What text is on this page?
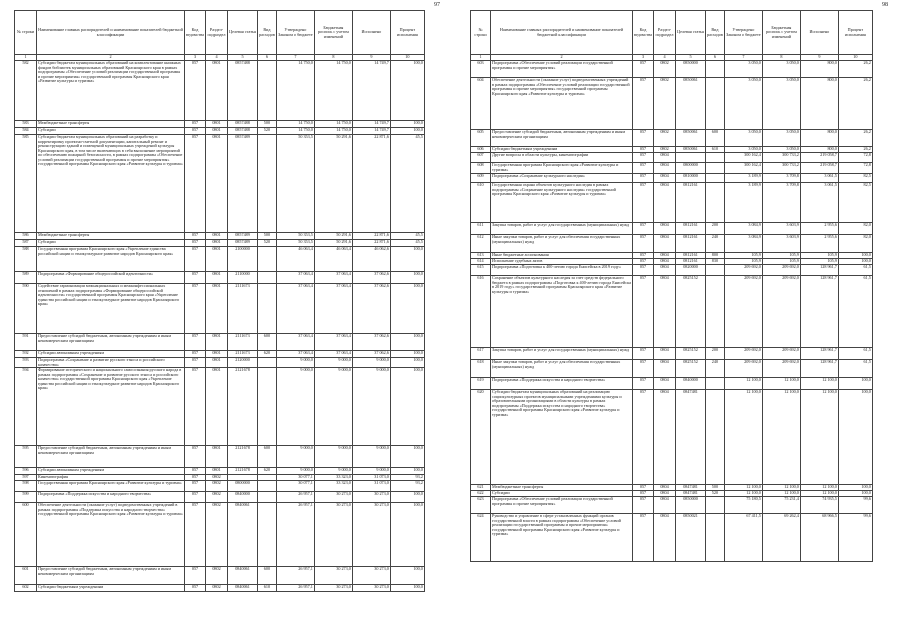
97
№ строки	Наименование главных распорядителей и наименование показателей бюджетной классификации	Код ведомства	Раздел-подраздел	Целевая статья	Вид расходов	Утверждено Законом о бюджете	Бюджетная роспись с учетом изменений	Исполнено	Процент исполнения
1	2	3	4	5	6	7	8	9	10
582	Субсидии бюджетам муниципальных образований на комплектование книжных фондов библиотек муниципальных образований Красноярского края в рамках подпрограммы «Обеспечение условий реализации государственной программы и прочие мероприятия» государственной программы Красноярского края «Развитие культуры и туризма»	057	0801	0857488		14 750,0	14 750,0	14 749,7	100,0
583	Межбюджетные трансферты	057	0801	0857488	500	14 750,0	14 750,0	14 749,7	100,0
584	Субсидии	057	0801	0857488	520	14 750,0	14 750,0	14 749,7	100,0
585	Субсидии бюджетам муниципальных образований на разработку и корректировку проектно-сметной документации, капитальный ремонт и реконструкцию зданий и помещений муниципальных учреждений культуры Красноярского края, в том числе включающих в себя выполнение мероприятий по обеспечению пожарной безопасности, в рамках подпрограммы «Обеспечение условий реализации государственной программы и прочие мероприятия» государственной программы Красноярского края «Развитие культуры и туризма»	057	0801	0857489		50 353,5	50 291,6	22 871,6	45,5
586	Межбюджетные трансферты	057	0801	0857489	500	50 353,5	50 291,6	22 871,6	45,5
587	Субсидии	057	0801	0857489	520	50 353,5	50 291,6	22 871,6	45,5
588	Государственная программа Красноярского края «Укрепление единства российской нации и этнокультурное развитие народов Красноярского края»	057	0801	2100000		46 063,4	46 063,4	46 062,6	100,0
589	Подпрограмма «Формирование общероссийской идентичности»	057	0801	2110000		37 063,4	37 063,4	37 062,6	100,0
590	Содействие гармонизации межнациональных и межконфессиональных отношений в рамках подпрограммы «Формирование общероссийской идентичности» государственной программы Красноярского края «Укрепление единства российской нации и этнокультурное развитие народов Красноярского края»	057	0801	2111673		37 063,4	37 063,4	37 062,6	100,0
591	Предоставление субсидий бюджетным, автономным учреждениям и иным некоммерческим организациям	057	0801	2111673	600	37 063,4	37 063,4	37 062,6	100,0
592	Субсидии автономным учреждениям	057	0801	2111673	620	37 063,4	37 063,4	37 062,6	100,0
593	Подпрограмма «Сохранение и развитие русского этноса и российского казачества»	057	0801	2120000		9 000,0	9 000,0	9 000,0	100,0
594	Формирование исторического и национального самосознания русского народа в рамках подпрограммы «Сохранение и развитие русского этноса и российского казачества» государственной программы Красноярского края «Укрепление единства российской нации и этнокультурное развитие народов Красноярского края»	057	0801	2121678		9 000,0	9 000,0	9 000,0	100,0
595	Предоставление субсидий бюджетным, автономным учреждениям и иным некоммерческим организациям	057	0801	2121678	600	9 000,0	9 000,0	9 000,0	100,0
596	Субсидии автономным учреждениям	057	0801	2121678	620	9 000,0	9 000,0	9 000,0	100,0
597	Кинематография	057	0802			30 077,1	33 323,0	31 073,0	93,2
598	Государственная программа Красноярского края «Развитие культуры и туризма»	057	0802	0800000		30 077,1	33 323,0	31 073,0	93,2
599	Подпрограмма «Поддержка искусства и народного творчества»	057	0802	0840000		26 957,1	30 273,0	30 273,0	100,0
600	Обеспечение деятельности (оказание услуг) подведомственных учреждений в рамках подпрограммы «Поддержка искусства и народного творчества» государственной программы Красноярского края «Развитие культуры и туризма»	057	0802	0840061		26 957,1	30 273,0	30 273,0	100,0
601	Предоставление субсидий бюджетным, автономным учреждениям и иным некоммерческим организациям	057	0802	0840061	600	26 957,1	30 273,0	30 273,0	100,0
602	Субсидии бюджетным учреждениям	057	0802	0840061	610	26 957,1	30 273,0	30 273,0	100,0
98
№ строки	Наименование главных распорядителей и наименование показателей бюджетной классификации	Код ведомства	Раздел-подраздел	Целевая статья	Вид расходов	Утверждено Законом о бюджете	Бюджетная роспись с учетом изменений	Исполнено	Процент исполнения
1	2	3	4	5	6	7	8	9	10
603	Подпрограмма «Обеспечение условий реализации государственной программы и прочие мероприятия»	057	0802	0850000		3 050,0	3 050,0	800,0	26,2
604	Обеспечение деятельности (оказание услуг) подведомственных учреждений в рамках подпрограммы «Обеспечение условий реализации государственной программы и прочие мероприятия» государственной программы Красноярского края «Развитие культуры и туризма»	057	0802	0850061		3 050,0	3 050,0	800,0	26,2
605	Предоставление субсидий бюджетным, автономным учреждениям и иным некоммерческим организациям	057	0802	0850061	600	3 050,0	3 050,0	800,0	26,2
606	Субсидии бюджетным учреждениям	057	0802	0850061	610	3 050,0	3 050,0	800,0	26,2
607	Другие вопросы в области культуры, кинематографии	057	0804			300 162,4	300 733,2	219 058,7	72,8
608	Государственная программа Красноярского края «Развитие культуры и туризма»	057	0804	0800000		300 162,4	300 733,2	219 058,7	72,8
609	Подпрограмма «Сохранение культурного наследия»	057	0804	0810000		3 189,9	3 709,8	3 061,5	82,5
610	Государственная охрана объектов культурного наследия в рамках подпрограммы «Сохранение культурного наследия» государственной программы Красноярского края «Развитие культуры и туризма»	057	0804	0812161		3 189,9	3 709,8	3 061,5	82,5
611	Закупка товаров, работ и услуг для государственных (муниципальных) нужд	057	0804	0812161	200	3 084,9	3 603,9	2 955,6	82,0
612	Иные закупки товаров, работ и услуг для обеспечения государственных (муниципальных) нужд	057	0804	0812161	240	3 084,9	3 603,9	2 955,6	82,0
613	Иные бюджетные ассигнования	057	0804	0812161	800	105,9	105,9	105,9	100,0
614	Исполнение судебных актов	057	0804	0812161	830	105,9	105,9	105,9	100,0
615	Подпрограмма «Подготовка к 400-летию города Енисейска в 2019 году»	057	0804	0820000		209 692,0	209 692,0	128 961,7	61,5
616	Сохранение объектов культурного наследия за счет средств федерального бюджета в рамках подпрограммы «Подготовка к 400-летию города Енисейска в 2019 году» государственной программы Красноярского края «Развитие культуры и туризма»	057	0804	0825152		209 692,0	209 692,0	128 961,7	61,5
617	Закупка товаров, работ и услуг для государственных (муниципальных) нужд	057	0804	0825152	200	209 692,0	209 692,0	128 961,7	61,5
618	Иные закупки товаров, работ и услуг для обеспечения государственных (муниципальных) нужд	057	0804	0825152	240	209 692,0	209 692,0	128 961,7	61,5
619	Подпрограмма «Поддержка искусства и народного творчества»	057	0804	0840000		12 100,0	12 100,0	12 100,0	100,0
620	Субсидии бюджетам муниципальных образований на реализацию социокультурных проектов муниципальными учреждениями культуры и образовательными организациями в области культуры в рамках подпрограммы «Поддержка искусства и народного творчества» государственной программы Красноярского края «Развитие культуры и туризма»	057	0804	0847481		12 100,0	12 100,0	12 100,0	100,0
621	Межбюджетные трансферты	057	0804	0847481	500	12 100,0	12 100,0	12 100,0	100,0
622	Субсидии	057	0804	0847481	520	12 100,0	12 100,0	12 100,0	100,0
623	Подпрограмма «Обеспечение условий реализации государственной программы и прочие мероприятия»	057	0804	0850000		75 180,5	75 231,4	74 935,5	99,6
624	Руководство и управление в сфере установленных функций органов государственной власти в рамках подпрограммы «Обеспечение условий реализации государственной программы и прочие мероприятия» государственной программы Красноярского края «Развитие культуры и туризма»	057	0804	0850021		67 411,5	69 262,4	68 966,5	99,6
